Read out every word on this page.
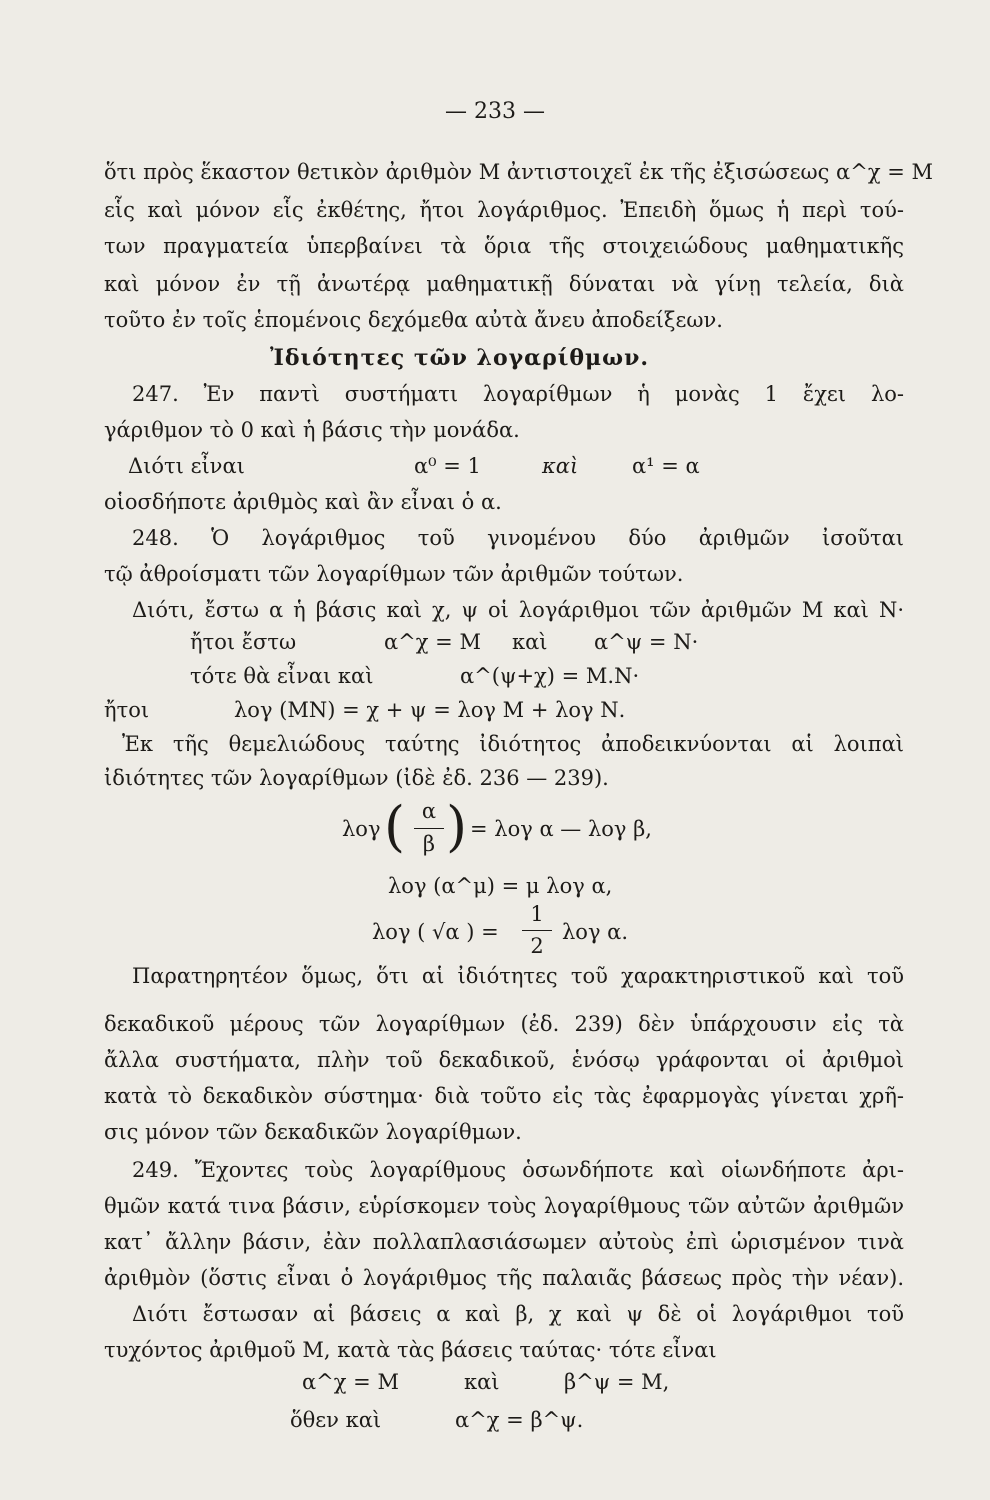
— 233 —
ὅτι πρὸς ἕκαστον θετικὸν ἀριθμὸν Μ ἀντιστοιχεῖ ἐκ τῆς ἐξισώσεως α^χ = Μ
εἷς καὶ μόνον εἷς ἐκθέτης, ἤτοι λογάριθμος. Ἐπειδὴ ὅμως ἡ περὶ τού-
των πραγματεία ὑπερβαίνει τὰ ὅρια τῆς στοιχειώδους μαθηματικῆς
καὶ μόνον ἐν τῇ ἀνωτέρᾳ μαθηματικῇ δύναται νὰ γίνῃ τελεία, διὰ
τοῦτο ἐν τοῖς ἑπομένοις δεχόμεθα αὐτὰ ἄνευ ἀποδείξεων.
Ἰδιότητες τῶν λογαρίθμων.
247. Ἐν παντὶ συστήματι λογαρίθμων ἡ μονὰς 1 ἔχει λο-
γάριθμον τὸ 0 καὶ ἡ βάσις τὴν μονάδα.
Διότι εἶναι	α⁰ = 1	καὶ	α¹ = α
οἱοσδήποτε ἀριθμὸς καὶ ἂν εἶναι ὁ α.
248. Ὁ λογάριθμος τοῦ γινομένου δύο ἀριθμῶν ἰσοῦται
τῷ ἀθροίσματι τῶν λογαρίθμων τῶν ἀριθμῶν τούτων.
Διότι, ἔστω α ἡ βάσις καὶ χ, ψ οἱ λογάριθμοι τῶν ἀριθμῶν Μ καὶ Ν·
ἤτοι ἔστω	α^χ = Μ καὶ α^ψ = Ν·
τότε θὰ εἶναι καὶ	α^(ψ+χ) = Μ.Ν·
ἤτοι	λογ (ΜΝ) = χ + ψ = λογ Μ + λογ Ν.
Ἐκ τῆς θεμελιώδους ταύτης ἰδιότητος ἀποδεικνύονται αἱ λοιπαὶ
ἰδιότητες τῶν λογαρίθμων (ἰδὲ ἐδ. 236 — 239).
λογ ( α
β ) = λογ α — λογ β,
λογ (α^μ) = μ λογ α,
λογ ( √α ) =
1
2
λογ α.
Παρατηρητέον ὅμως, ὅτι αἱ ἰδιότητες τοῦ χαρακτηριστικοῦ καὶ τοῦ
δεκαδικοῦ μέρους τῶν λογαρίθμων (ἐδ. 239) δὲν ὑπάρχουσιν εἰς τὰ
ἄλλα συστήματα, πλὴν τοῦ δεκαδικοῦ, ἑνόσῳ γράφονται οἱ ἀριθμοὶ
κατὰ τὸ δεκαδικὸν σύστημα· διὰ τοῦτο εἰς τὰς ἐφαρμογὰς γίνεται χρῆ-
σις μόνον τῶν δεκαδικῶν λογαρίθμων.
249. Ἔχοντες τοὺς λογαρίθμους ὁσωνδήποτε καὶ οἱωνδήποτε ἀρι-
θμῶν κατά τινα βάσιν, εὑρίσκομεν τοὺς λογαρίθμους τῶν αὐτῶν ἀριθμῶν
κατ᾽ ἄλλην βάσιν, ἐὰν πολλαπλασιάσωμεν αὐτοὺς ἐπὶ ὡρισμένον τινὰ
ἀριθμὸν (ὅστις εἶναι ὁ λογάριθμος τῆς παλαιᾶς βάσεως πρὸς τὴν νέαν).
Διότι ἔστωσαν αἱ βάσεις α καὶ β, χ καὶ ψ δὲ οἱ λογάριθμοι τοῦ
τυχόντος ἀριθμοῦ Μ, κατὰ τὰς βάσεις ταύτας· τότε εἶναι
α^χ = Μ	καὶ	β^ψ = Μ,
ὅθεν καὶ	α^χ = β^ψ.
